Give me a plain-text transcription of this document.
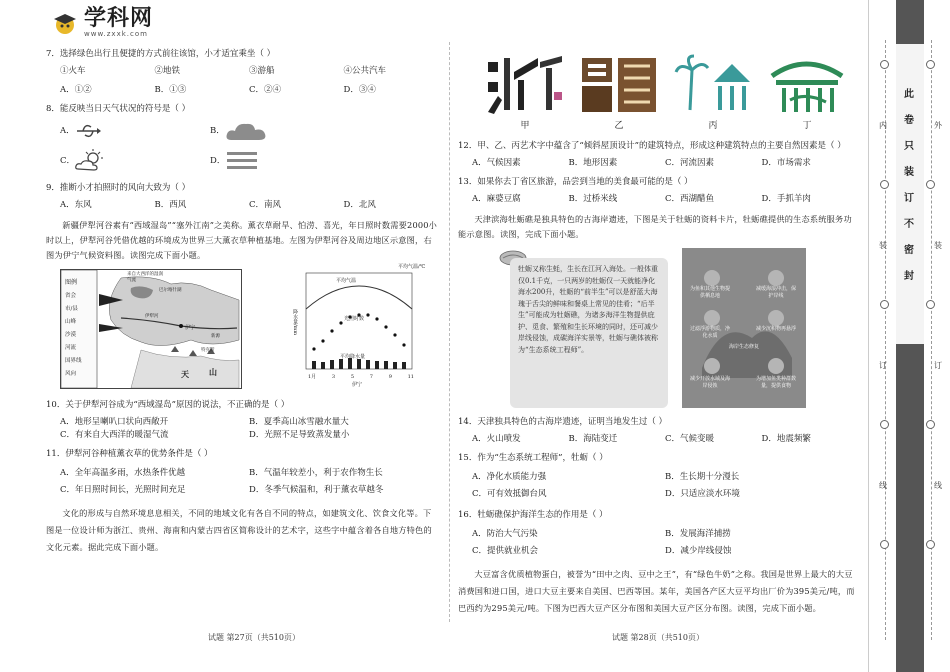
学科网
www.zxxk.com

7．选择绿色出行且便捷的方式前往该馆，小才适宜乘坐（ ）

①火车	②地铁	③游船	④公共汽车
A．①②	B．①③	C．②④	D．③④

8．能反映当日天气状况的符号是（ ）

A．	B．
C．	D．

9．推断小才拍照时的风向大致为（ ）

A．东风	B．西风	C．南风	D．北风

新疆伊犁河谷素有“西域湿岛”“塞外江南”之美称。薰衣草耐旱、怕涝、喜光，年日照时数需要2000小时以上，伊犁河谷凭借优越的环境成为世界三大薰衣草种植基地。左图为伊犁河谷及周边地区示意图，右图为伊宁气候资料图。读图完成下面小题。

图例
省会
市/县
山峰
沙漠
河流
国界线
风向
来自大西洋的湿润气流
巴尔喀什湖
伊犁河
伊宁
天	山
新源
特克斯
平均气温
光照时数
平均降水量
降水量/mm
平均气温/℃
1月	3	5	7	9	11
伊宁

10．关于伊犁河谷成为“西域湿岛”原因的说法，不正确的是（ ）

A．地形呈喇叭口状向西敞开	B．夏季高山冰雪融水量大
C．有来自大西洋的暖湿气流	D．光照不足导致蒸发量小

11．伊犁河谷种植薰衣草的优势条件是（ ）

A．全年高温多雨，水热条件优越	B．气温年较差小，利于农作物生长
C．年日照时间长，光照时间充足	D．冬季气候温和，利于薰衣草越冬

文化的形成与自然环境息息相关，不同的地域文化有各自不同的特点，如建筑文化、饮食文化等。下图是一位设计师为浙江、贵州、海南和内蒙古四省区简称设计的艺术字，这些字中蕴含着各自地方特色的文化元素。据此完成下面小题。

试题 第27页（共510页）
甲	乙	丙	丁

12．甲、乙、丙艺术字中蕴含了“倾斜屋顶设计”的建筑特点，形成这种建筑特点的主要自然因素是（ ）

A．气候因素	B．地形因素	C．河流因素	D．市场需求

13．如果你去丁省区旅游，品尝到当地的美食最可能的是（ ）

A．麻婆豆腐	B．过桥米线	C．西湖醋鱼	D．手抓羊肉

天津滨海牡蛎礁是独具特色的古海岸遗迹，下图是关于牡蛎的资料卡片，牡蛎礁提供的生态系统服务功能示意图。读图，完成下面小题。

牡蛎又称生蚝，生长在江河入海处。一般体重仅0.1千克，一只两岁的牡蛎仅一天就能净化海水200升，牡蛎的“前半生”可以是舒蓝大海瑰于舌尖的鲜味和餐桌上常见的佳肴；“后半生”可能成为牡蛎礁，为诸多海洋生物提供庇护、觅食、繁殖和生长环境的同时，还可减少岸线侵蚀，成碳海洋实景等，牡蛎与礁体被称为“生态系统工程师”。
为鱼和其他生物提供栖息地
减缓海浪冲击，保护岸线
过滤浮游物质，净化水质
减少沉积物再悬浮
海岸生态修复
减少开放水域及海岸侵蚀
为增加鱼类种群数量，提供食物

14．天津独具特色的古海岸遗迹，证明当地发生过（ ）

A．火山喷发	B．海陆变迁	C．气候变暖	D．地震频繁

15．作为“生态系统工程师”，牡蛎（ ）

A．净化水质能力强	B．生长期十分漫长
C．可有效抵御台风	D．只适应淡水环境

16．牡蛎礁保护海洋生态的作用是（ ）

A．防治大气污染	B．发展海洋捕捞
C．提供就业机会	D．减少岸线侵蚀

大豆富含优质植物蛋白，被誉为“田中之肉、豆中之王”，有“绿色牛奶”之称。我国是世界上最大的大豆消费国和进口国，进口大豆主要来自美国、巴西等国。某年，美国各产区大豆平均出厂价为395美元/吨，而巴西约为295美元/吨。下图为巴西大豆产区分布图和美国大豆产区分布图。读图，完成下面小题。

试题 第28页（共510页）
此
卷
只
装
订
不
密
封
内
装
订
线
外
装
订
线
